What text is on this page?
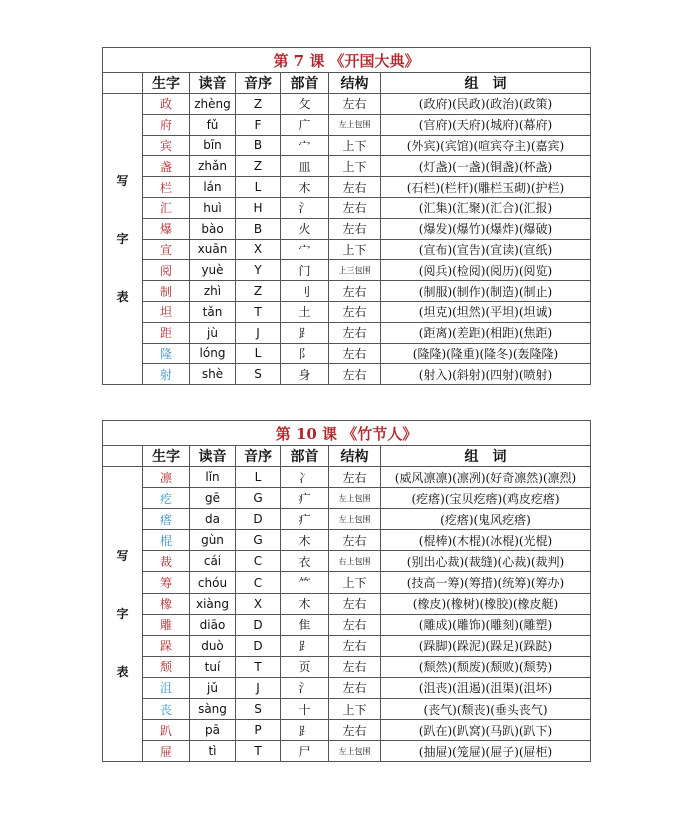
第 7 课 《开国大典》						
	生字	读音	音序	部首	结构	组　词

写
字
表	政	zhèng	Z	攵	左右	(政府)(民政)(政治)(政策)
	府	fǔ	F	广	左上包围	(官府)(天府)(城府)(幕府)
	宾	bīn	B	宀	上下	(外宾)(宾馆)(喧宾夺主)(嘉宾)
	盏	zhǎn	Z	皿	上下	(灯盏)(一盏)(铜盏)(杯盏)
	栏	lán	L	木	左右	(石栏)(栏杆)(雕栏玉砌)(护栏)
	汇	huì	H	氵	左右	(汇集)(汇聚)(汇合)(汇报)
	爆	bào	B	火	左右	(爆发)(爆竹)(爆炸)(爆破)
	宣	xuān	X	宀	上下	(宣布)(宣告)(宣读)(宣纸)
	阅	yuè	Y	门	上三包围	(阅兵)(检阅)(阅历)(阅览)
	制	zhì	Z	刂	左右	(制服)(制作)(制造)(制止)
	坦	tǎn	T	土	左右	(坦克)(坦然)(平坦)(坦诚)
	距	jù	J	⻊	左右	(距离)(差距)(相距)(焦距)
	隆	lóng	L	阝	左右	(隆隆)(隆重)(隆冬)(轰隆隆)
	射	shè	S	身	左右	(射入)(斜射)(四射)(喷射)
第 10 课 《竹节人》						
	生字	读音	音序	部首	结构	组　词

写
字
表	凛	lǐn	L	冫	左右	(威风凛凛)(凛冽)(好奇凛然)(凛烈)
	疙	gē	G	疒	左上包围	(疙瘩)(宝贝疙瘩)(鸡皮疙瘩)
	瘩	da	D	疒	左上包围	(疙瘩)(鬼风疙瘩)
	棍	gùn	G	木	左右	(棍棒)(木棍)(冰棍)(光棍)
	裁	cái	C	衣	右上包围	(别出心裁)(裁缝)(心裁)(裁判)
	筹	chóu	C	⺮	上下	(技高一筹)(筹措)(统筹)(筹办)
	橡	xiàng	X	木	左右	(橡皮)(橡树)(橡胶)(橡皮艇)
	雕	diāo	D	隹	左右	(雕成)(雕饰)(雕刻)(雕塑)
	跺	duò	D	⻊	左右	(跺脚)(跺泥)(跺足)(跺跶)
	颓	tuí	T	页	左右	(颓然)(颓废)(颓败)(颓势)
	沮	jǔ	J	氵	左右	(沮丧)(沮遏)(沮渠)(沮坏)
	丧	sàng	S	十	上下	(丧气)(颓丧)(垂头丧气)
	趴	pā	P	⻊	左右	(趴在)(趴窝)(马趴)(趴下)
	屉	tì	T	尸	左上包围	(抽屉)(笼屉)(屉子)(屉柜)
